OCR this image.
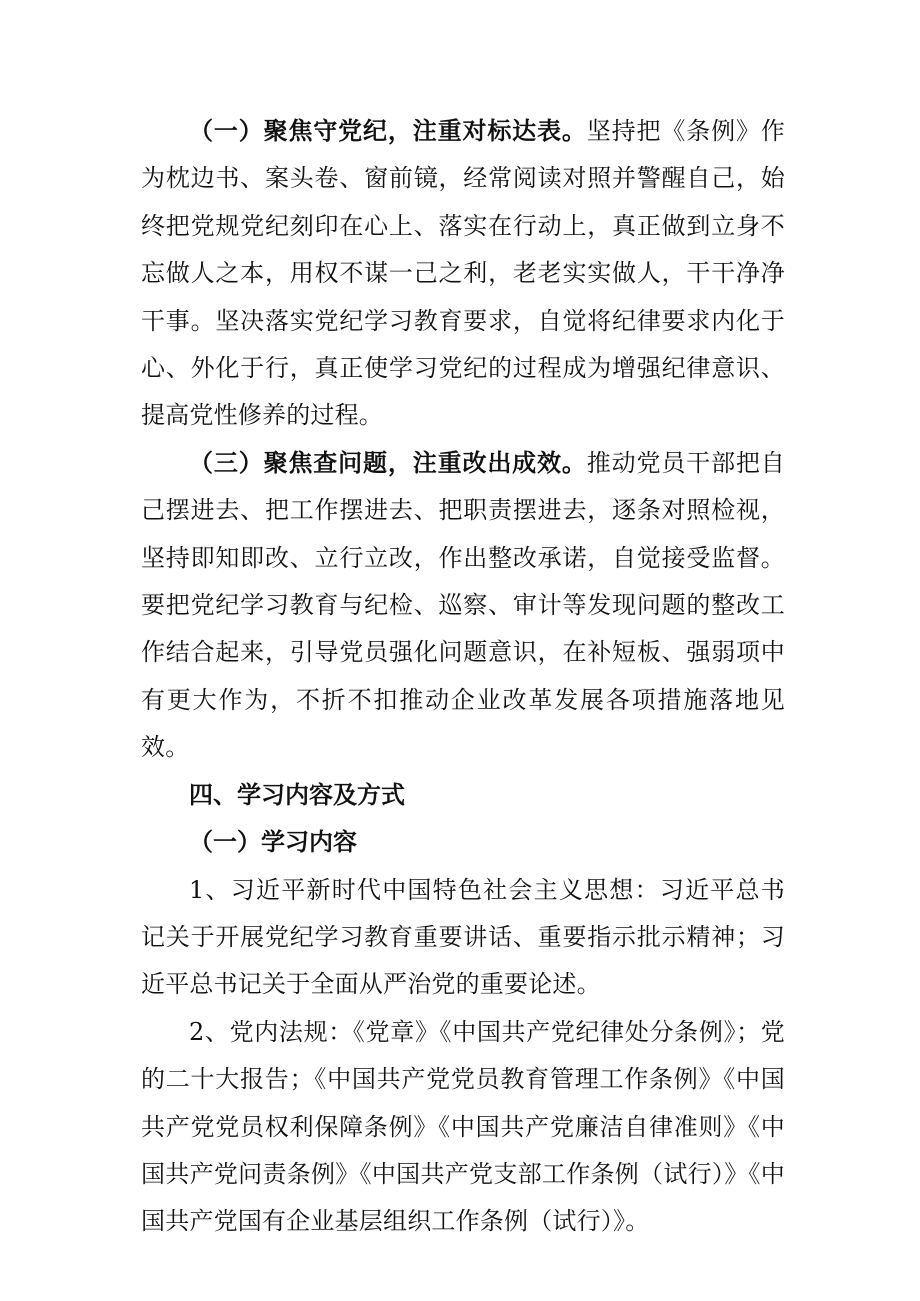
（一）聚焦守党纪，注重对标达表。坚持把《条例》作为枕边书、案头卷、窗前镜，经常阅读对照并警醒自己，始终把党规党纪刻印在心上、落实在行动上，真正做到立身不忘做人之本，用权不谋一己之利，老老实实做人，干干净净干事。坚决落实党纪学习教育要求，自觉将纪律要求内化于心、外化于行，真正使学习党纪的过程成为增强纪律意识、提高党性修养的过程。

（三）聚焦查问题，注重改出成效。推动党员干部把自己摆进去、把工作摆进去、把职责摆进去，逐条对照检视，坚持即知即改、立行立改，作出整改承诺，自觉接受监督。要把党纪学习教育与纪检、巡察、审计等发现问题的整改工作结合起来，引导党员强化问题意识，在补短板、强弱项中有更大作为，不折不扣推动企业改革发展各项措施落地见效。

四、学习内容及方式

（一）学习内容

1、习近平新时代中国特色社会主义思想：习近平总书记关于开展党纪学习教育重要讲话、重要指示批示精神；习近平总书记关于全面从严治党的重要论述。

2、党内法规：《党章》《中国共产党纪律处分条例》；党的二十大报告；《中国共产党党员教育管理工作条例》《中国共产党党员权利保障条例》《中国共产党廉洁自律准则》《中国共产党问责条例》《中国共产党支部工作条例（试行）》《中国共产党国有企业基层组织工作条例（试行）》。
